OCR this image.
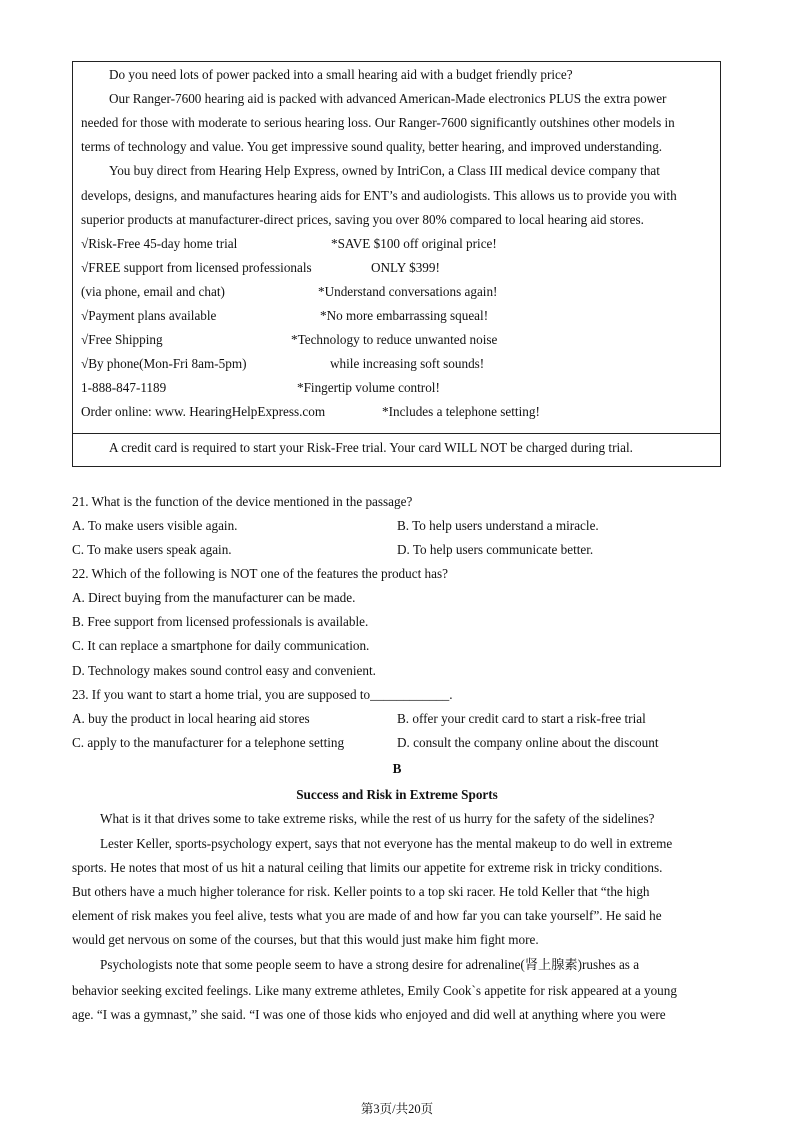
Do you need lots of power packed into a small hearing aid with a budget friendly price?
Our Ranger-7600 hearing aid is packed with advanced American-Made electronics PLUS the extra power
needed for those with moderate to serious hearing loss. Our Ranger-7600 significantly outshines other models in
terms of technology and value. You get impressive sound quality, better hearing, and improved understanding.
You buy direct from Hearing Help Express, owned by IntriCon, a Class III medical device company that
develops, designs, and manufactures hearing aids for ENT’s and audiologists. This allows us to provide you with
superior products at manufacturer-direct prices, saving you over 80% compared to local hearing aid stores.
√Risk-Free 45-day home trial	*SAVE $100 off original price!
√FREE support from licensed professionals	ONLY $399!
(via phone, email and chat)	*Understand conversations again!
√Payment plans available	*No more embarrassing squeal!
√Free Shipping	*Technology to reduce unwanted noise
√By phone(Mon-Fri 8am-5pm)	while increasing soft sounds!
1-888-847-1189	*Fingertip volume control!
Order online: www. HearingHelpExpress.com	*Includes a telephone setting!
A credit card is required to start your Risk-Free trial. Your card WILL NOT be charged during trial.
21. What is the function of the device mentioned in the passage?
A. To make users visible again.	B. To help users understand a miracle.
C. To make users speak again.	D. To help users communicate better.
22. Which of the following is NOT one of the features the product has?
A. Direct buying from the manufacturer can be made.
B. Free support from licensed professionals is available.
C. It can replace a smartphone for daily communication.
D. Technology makes sound control easy and convenient.
23. If you want to start a home trial, you are supposed to____________.
A. buy the product in local hearing aid stores	B. offer your credit card to start a risk-free trial
C. apply to the manufacturer for a telephone setting	D. consult the company online about the discount
B
Success and Risk in Extreme Sports
What is it that drives some to take extreme risks, while the rest of us hurry for the safety of the sidelines?
Lester Keller, sports-psychology expert, says that not everyone has the mental makeup to do well in extreme
sports. He notes that most of us hit a natural ceiling that limits our appetite for extreme risk in tricky conditions.
But others have a much higher tolerance for risk. Keller points to a top ski racer. He told Keller that “the high
element of risk makes you feel alive, tests what you are made of and how far you can take yourself”. He said he
would get nervous on some of the courses, but that this would just make him fight more.
Psychologists note that some people seem to have a strong desire for adrenaline(肾上腺素)rushes as a
behavior seeking excited feelings. Like many extreme athletes, Emily Cook`s appetite for risk appeared at a young
age. “I was a gymnast,” she said. “I was one of those kids who enjoyed and did well at anything where you were
第3页/共20页
